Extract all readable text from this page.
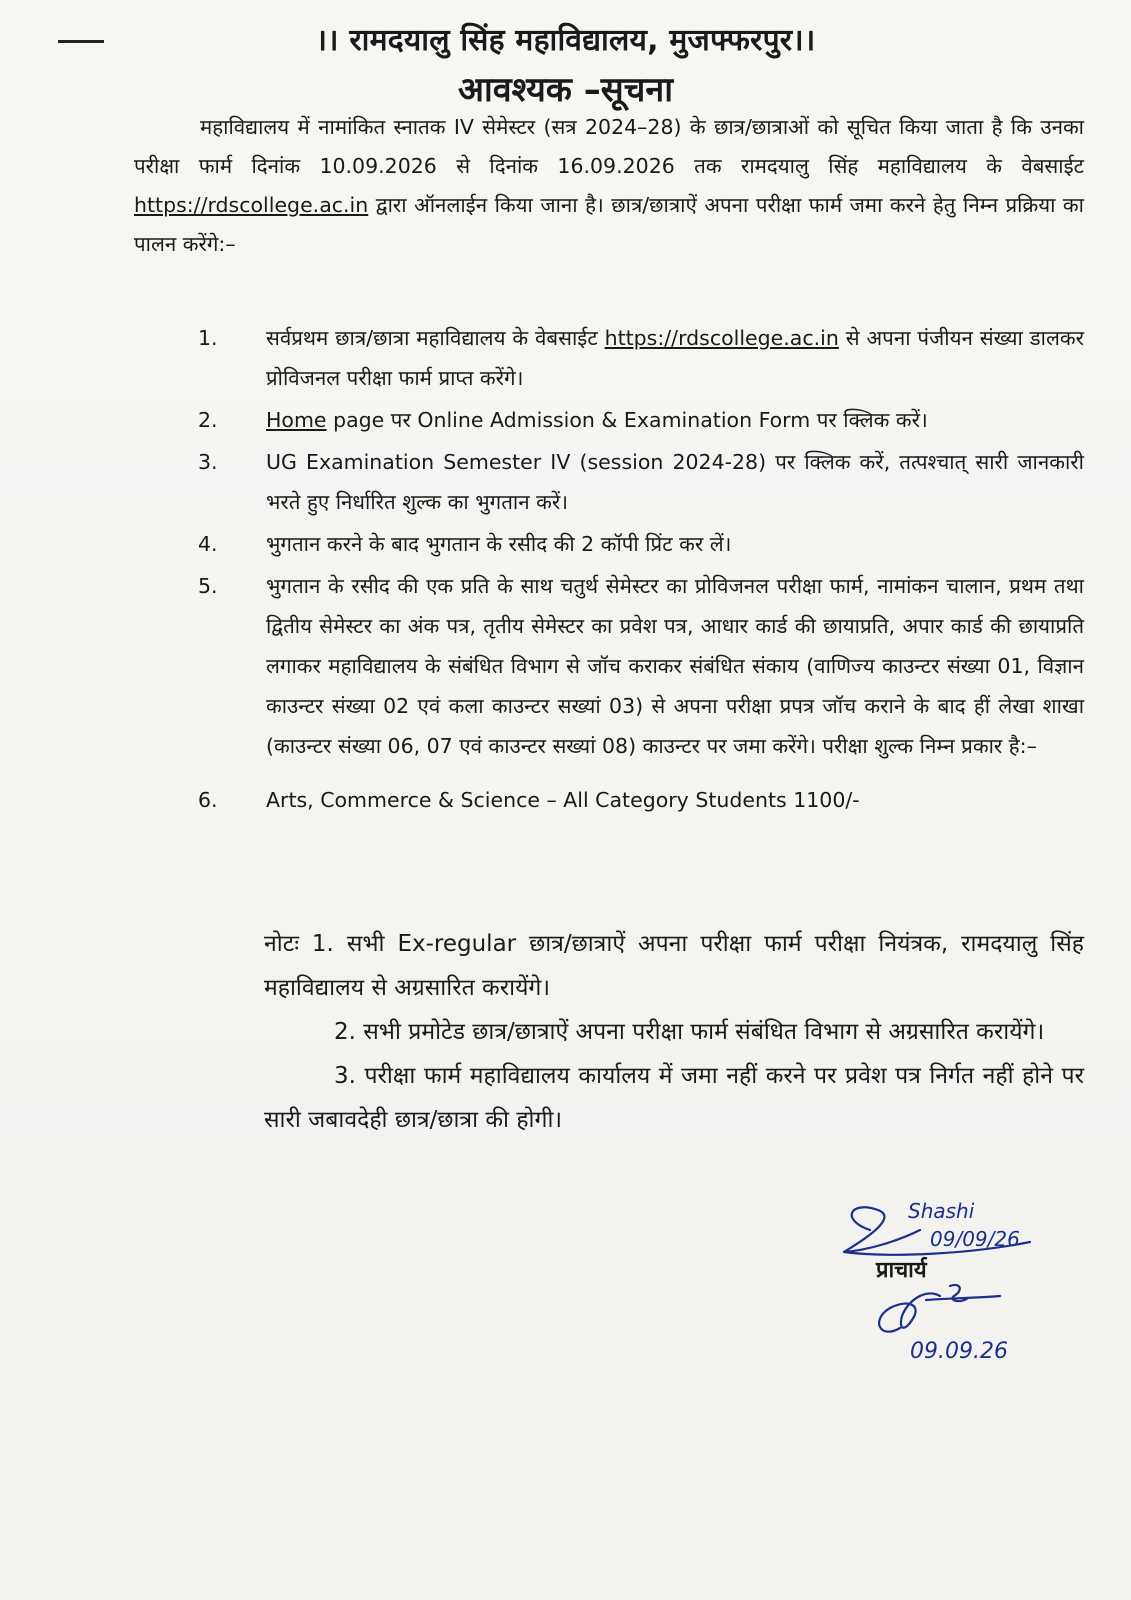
।। रामदयालु सिंह महाविद्यालय, मुजफ्फरपुर।।
आवश्यक –सूचना
महाविद्यालय में नामांकित स्नातक IV सेमेस्टर (सत्र 2024–28) के छात्र/छात्राओं को सूचित किया जाता है कि उनका परीक्षा फार्म दिनांक 10.09.2026 से दिनांक 16.09.2026 तक रामदयालु सिंह महाविद्यालय के वेबसाईट https://rdscollege.ac.in द्वारा ऑनलाईन किया जाना है। छात्र/छात्राऐं अपना परीक्षा फार्म जमा करने हेतु निम्न प्रक्रिया का पालन करेंगे:–
1.	सर्वप्रथम छात्र/छात्रा महाविद्यालय के वेबसाईट https://rdscollege.ac.in से अपना पंजीयन संख्या डालकर प्रोविजनल परीक्षा फार्म प्राप्त करेंगे।
2.	Home page पर Online Admission & Examination Form पर क्लिक करें।
3.	UG Examination Semester IV (session 2024-28) पर क्लिक करें, तत्पश्चात् सारी जानकारी भरते हुए निर्धारित शुल्क का भुगतान करें।
4.	भुगतान करने के बाद भुगतान के रसीद की 2 कॉपी प्रिंट कर लें।
5.	भुगतान के रसीद की एक प्रति के साथ चतुर्थ सेमेस्टर का प्रोविजनल परीक्षा फार्म, नामांकन चालान, प्रथम तथा द्वितीय सेमेस्टर का अंक पत्र, तृतीय सेमेस्टर का प्रवेश पत्र, आधार कार्ड की छायाप्रति, अपार कार्ड की छायाप्रति लगाकर महाविद्यालय के संबंधित विभाग से जॉच कराकर संबंधित संकाय (वाणिज्य काउन्टर संख्या 01, विज्ञान काउन्टर संख्या 02 एवं कला काउन्टर सख्यां 03) से अपना परीक्षा प्रपत्र जॉच कराने के बाद हीं लेखा शाखा (काउन्टर संख्या 06, 07 एवं काउन्टर सख्यां 08) काउन्टर पर जमा करेंगे। परीक्षा शुल्क निम्न प्रकार है:–
6.	Arts, Commerce & Science – All Category Students 1100/-

नोटः 1. सभी Ex-regular छात्र/छात्राऐं अपना परीक्षा फार्म परीक्षा नियंत्रक, रामदयालु सिंह महाविद्यालय से अग्रसारित करायेंगे।

2. सभी प्रमोटेड छात्र/छात्राऐं अपना परीक्षा फार्म संबंधित विभाग से अग्रसारित करायेंगे।

3. परीक्षा फार्म महाविद्यालय कार्यालय में जमा नहीं करने पर प्रवेश पत्र निर्गत नहीं होने पर सारी जबावदेही छात्र/छात्रा की होगी।

Shashi
09/09/26
09.09.26
प्राचार्य
